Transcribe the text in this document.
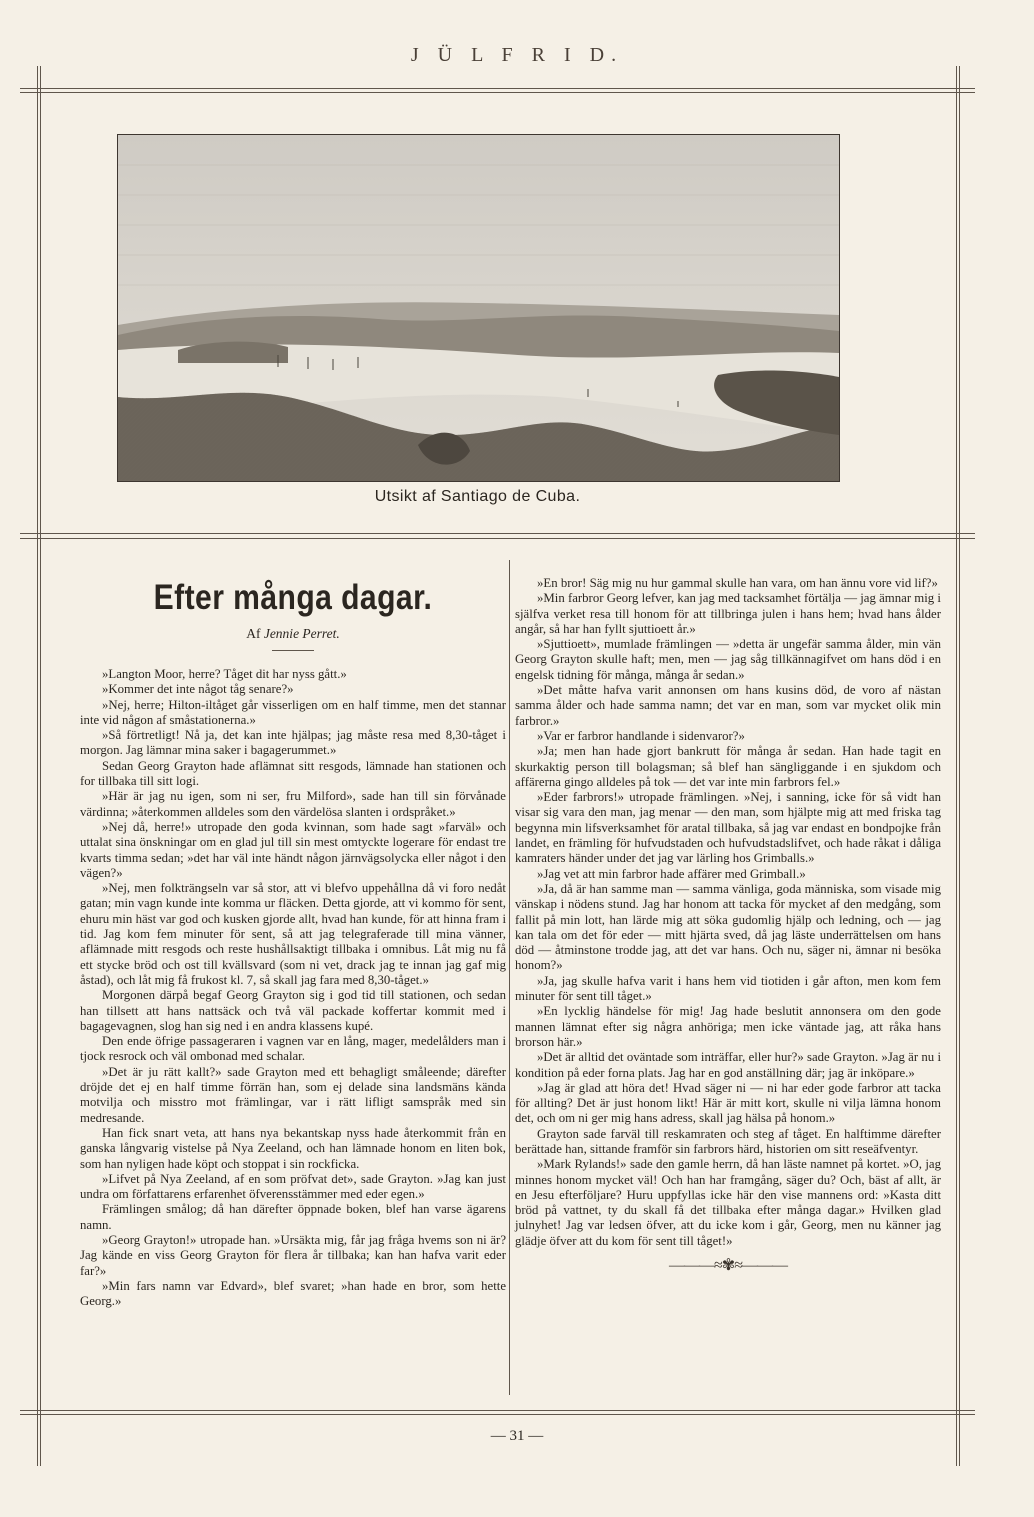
J Ü L F R I D.
Utsikt af Santiago de Cuba.
Efter många dagar.
Af Jennie Perret.

»Langton Moor, herre? Tåget dit har nyss gått.»

»Kommer det inte något tåg senare?»

»Nej, herre; Hilton-iltåget går visserligen om en half timme, men det stannar inte vid någon af småstationerna.»

»Så förtretligt! Nå ja, det kan inte hjälpas; jag måste resa med 8,30-tåget i morgon. Jag lämnar mina saker i bagagerummet.»

Sedan Georg Grayton hade aflämnat sitt resgods, lämnade han stationen och for tillbaka till sitt logi.

»Här är jag nu igen, som ni ser, fru Milford», sade han till sin förvånade värdinna; »återkommen alldeles som den värdelösa slanten i ordspråket.»

»Nej då, herre!» utropade den goda kvinnan, som hade sagt »farväl» och uttalat sina önskningar om en glad jul till sin mest omtyckte logerare för endast tre kvarts timma sedan; »det har väl inte händt någon järnvägsolycka eller något i den vägen?»

»Nej, men folkträngseln var så stor, att vi blefvo uppehållna då vi foro nedåt gatan; min vagn kunde inte komma ur fläcken. Detta gjorde, att vi kommo för sent, ehuru min häst var god och kusken gjorde allt, hvad han kunde, för att hinna fram i tid. Jag kom fem minuter för sent, så att jag telegraferade till mina vänner, aflämnade mitt resgods och reste hushållsaktigt tillbaka i omnibus. Låt mig nu få ett stycke bröd och ost till kvällsvard (som ni vet, drack jag te innan jag gaf mig åstad), och låt mig få frukost kl. 7, så skall jag fara med 8,30-tåget.»

Morgonen därpå begaf Georg Grayton sig i god tid till stationen, och sedan han tillsett att hans nattsäck och två väl packade koffertar kommit med i bagagevagnen, slog han sig ned i en andra klassens kupé.

Den ende öfrige passageraren i vagnen var en lång, mager, medelålders man i tjock resrock och väl ombonad med schalar.

»Det är ju rätt kallt?» sade Grayton med ett behagligt småleende; därefter dröjde det ej en half timme förrän han, som ej delade sina landsmäns kända motvilja och misstro mot främlingar, var i rätt lifligt samspråk med sin medresande.

Han fick snart veta, att hans nya bekantskap nyss hade återkommit från en ganska långvarig vistelse på Nya Zeeland, och han lämnade honom en liten bok, som han nyligen hade köpt och stoppat i sin rockficka.

»Lifvet på Nya Zeeland, af en som pröfvat det», sade Grayton. »Jag kan just undra om författarens erfarenhet öfverensstämmer med eder egen.»

Främlingen smålog; då han därefter öppnade boken, blef han varse ägarens namn.

»Georg Grayton!» utropade han. »Ursäkta mig, får jag fråga hvems son ni är? Jag kände en viss Georg Grayton för flera år tillbaka; kan han hafva varit eder far?»

»Min fars namn var Edvard», blef svaret; »han hade en bror, som hette Georg.»

»En bror! Säg mig nu hur gammal skulle han vara, om han ännu vore vid lif?»

»Min farbror Georg lefver, kan jag med tacksamhet förtälja — jag ämnar mig i själfva verket resa till honom för att tillbringa julen i hans hem; hvad hans ålder angår, så har han fyllt sjuttioett år.»

»Sjuttioett», mumlade främlingen — »detta är ungefär samma ålder, min vän Georg Grayton skulle haft; men, men — jag såg tillkännagifvet om hans död i en engelsk tidning för många, många år sedan.»

»Det måtte hafva varit annonsen om hans kusins död, de voro af nästan samma ålder och hade samma namn; det var en man, som var mycket olik min farbror.»

»Var er farbror handlande i sidenvaror?»

»Ja; men han hade gjort bankrutt för många år sedan. Han hade tagit en skurkaktig person till bolagsman; så blef han sängliggande i en sjukdom och affärerna gingo alldeles på tok — det var inte min farbrors fel.»

»Eder farbrors!» utropade främlingen. »Nej, i sanning, icke för så vidt han visar sig vara den man, jag menar — den man, som hjälpte mig att med friska tag begynna min lifsverksamhet för aratal tillbaka, så jag var endast en bondpojke från landet, en främling för hufvudstaden och hufvudstadslifvet, och hade råkat i dåliga kamraters händer under det jag var lärling hos Grimballs.»

»Jag vet att min farbror hade affärer med Grimball.»

»Ja, då är han samme man — samma vänliga, goda människa, som visade mig vänskap i nödens stund. Jag har honom att tacka för mycket af den medgång, som fallit på min lott, han lärde mig att söka gudomlig hjälp och ledning, och — jag kan tala om det för eder — mitt hjärta sved, då jag läste underrättelsen om hans död — åtminstone trodde jag, att det var hans. Och nu, säger ni, ämnar ni besöka honom?»

»Ja, jag skulle hafva varit i hans hem vid tiotiden i går afton, men kom fem minuter för sent till tåget.»

»En lycklig händelse för mig! Jag hade beslutit annonsera om den gode mannen lämnat efter sig några anhöriga; men icke väntade jag, att råka hans brorson här.»

»Det är alltid det oväntade som inträffar, eller hur?» sade Grayton. »Jag är nu i kondition på eder forna plats. Jag har en god anställning där; jag är inköpare.»

»Jag är glad att höra det! Hvad säger ni — ni har eder gode farbror att tacka för allting? Det är just honom likt! Här är mitt kort, skulle ni vilja lämna honom det, och om ni ger mig hans adress, skall jag hälsa på honom.»

Grayton sade farväl till reskamraten och steg af tåget. En halftimme därefter berättade han, sittande framför sin farbrors härd, historien om sitt reseäfventyr.

»Mark Rylands!» sade den gamle herrn, då han läste namnet på kortet. »O, jag minnes honom mycket väl! Och han har framgång, säger du? Och, bäst af allt, är en Jesu efterföljare? Huru uppfyllas icke här den vise mannens ord: »Kasta ditt bröd på vattnet, ty du skall få det tillbaka efter många dagar.» Hvilken glad julnyhet! Jag var ledsen öfver, att du icke kom i går, Georg, men nu känner jag glädje öfver att du kom för sent till tåget!»

———≈✾≈———
— 31 —
